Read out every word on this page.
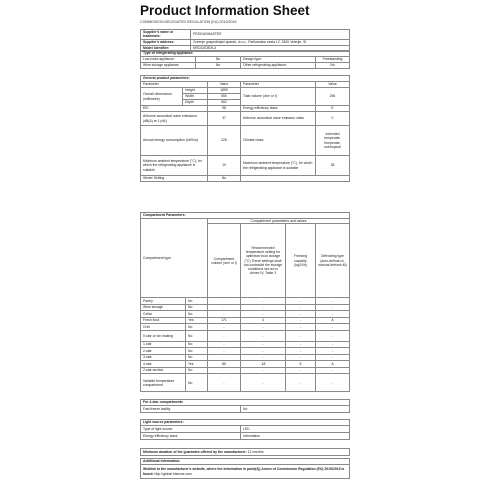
Product Information Sheet
COMMISSION DELEGATED REGULATION (EU) 2019/2016
Supplier's name or trademark:	PRODUKMASTER
Supplier's address:	Gorenje gospodinjski aparati, d.o.o., Partizanska cesta 12, 3320 Velenje, SI
Model identifier:	NRC6203SXL4
Type of refrigerating appliance:			
Low-noise appliance:	No	Design type:	Freestanding
Wine storage appliance:	No	Other refrigerating appliance:	No
General product parameters:				
Parameter		Value	Parameter	Value
Overall dimensions (millimetre)	Height	1859	Total volume (dm³ or l)	256
	Width	550		
	Depth	562		
EEI		98	Energy efficiency class	E
Airborne acoustical noise emissions (dB(A) re 1 pW)		37	Airborne acoustical noise emission class	C
Annual energy consumption (kWh/a)		226	Climate class:	extended temperate, temperate, subtropical
Minimum ambient temperature (°C), for which the refrigerating appliance is suitable		10	Maximum ambient temperature (°C), for which the refrigerating appliance is suitable	38
Winter Setting		No		
Compartment Parameters:					
Compartment type		Compartment parameters and values			
		Compartment volume (dm³ or l)	Recommended temperature setting for optimised food storage (°C) These settings shall not contradict the storage conditions set out in Annex IV, Table 3	Freezing capacity (kg/24h)	Defrosting type (auto-defrost=A, manual defrost=M)
Pantry	No	-	-	-	-
Wine storage	No	-	-	-	-
Cellar	No	-	-	-	-
Fresh food	Yes	171	4	-	A
Chill	No	-	-	-	-
0-star or ice-making	No	-	-	-	-
1-star	No	-	-	-	-
2-star	No	-	-	-	-
3-star	No	-	-	-	-
4-star	Yes	85	-18	5	A
2-star section	No	-	-	-	-
Variable temperature compartment	No	-	-	-	-
For 4-star compartments
Fast freeze facility	No
Light source parameters:	
Type of light source	LED
Energy efficiency class	Information
Minimum duration of the guarantee offered by the manufacturer: 12 months
Additional information:
Weblink to the manufacturer's website, where the information in point(4)) Annex of Commission Regulation (EU) 2019/2019 is found: http://global.hisense.com
